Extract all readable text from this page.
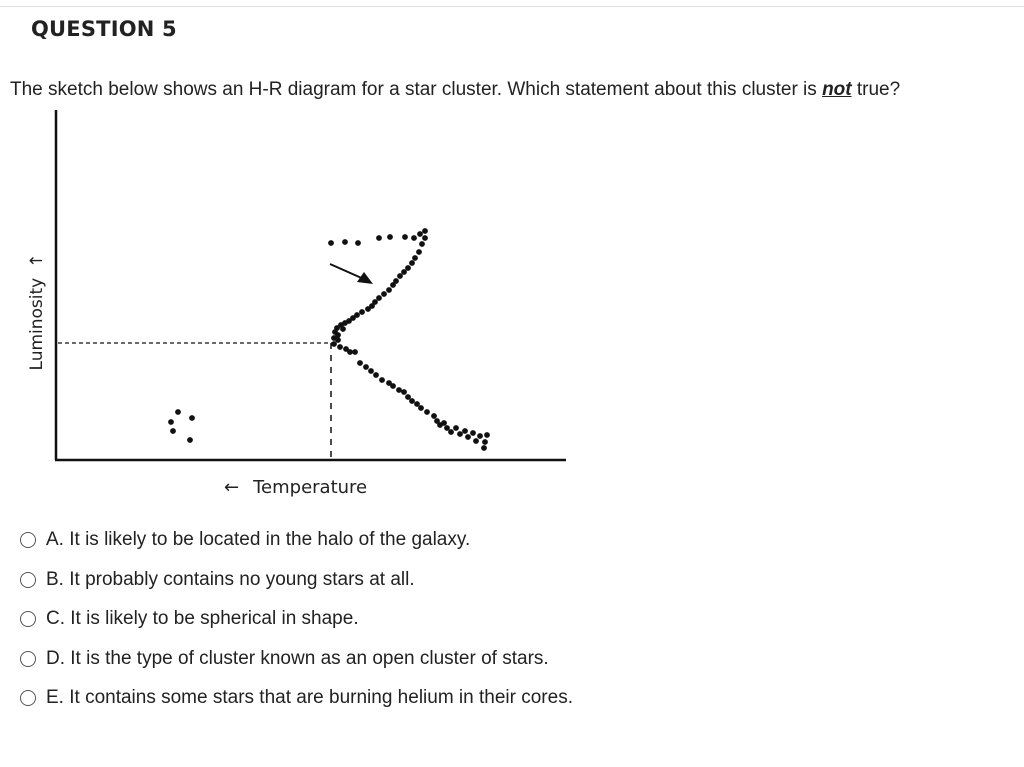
QUESTION 5
The sketch below shows an H-R diagram for a star cluster. Which statement about this cluster is not true?
Luminosity↑
← Temperature
A. It is likely to be located in the halo of the galaxy.
B. It probably contains no young stars at all.
C. It is likely to be spherical in shape.
D. It is the type of cluster known as an open cluster of stars.
E. It contains some stars that are burning helium in their cores.
